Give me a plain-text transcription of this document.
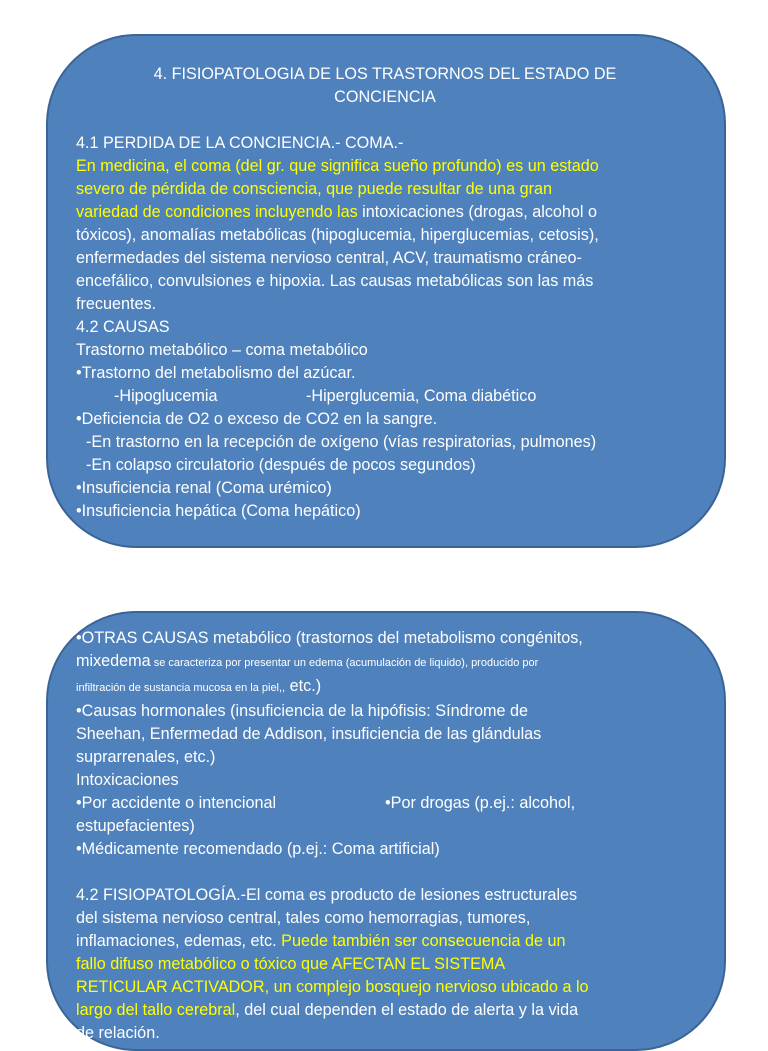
4. FISIOPATOLOGIA DE LOS TRASTORNOS DEL ESTADO DE
CONCIENCIA
4.1 PERDIDA DE LA CONCIENCIA.- COMA.-
En medicina, el coma (del gr. que significa sueño profundo) es un estado
severo de pérdida de consciencia, que puede resultar de una gran
variedad de condiciones incluyendo las intoxicaciones (drogas, alcohol o
tóxicos), anomalías metabólicas (hipoglucemia, hiperglucemias, cetosis),
enfermedades del sistema nervioso central, ACV, traumatismo cráneo-
encefálico, convulsiones e hipoxia. Las causas metabólicas son las más
frecuentes.
4.2 CAUSAS
Trastorno metabólico – coma metabólico
•Trastorno del metabolismo del azúcar.
-Hipoglucemia	-Hiperglucemia, Coma diabético
•Deficiencia de O2 o exceso de CO2 en la sangre.
-En trastorno en la recepción de oxígeno (vías respiratorias, pulmones)
-En colapso circulatorio (después de pocos segundos)
•Insuficiencia renal (Coma urémico)
•Insuficiencia hepática (Coma hepático)
•OTRAS CAUSAS metabólico (trastornos del metabolismo congénitos,
mixedema se caracteriza por presentar un edema (acumulación de liquido), producido por
infiltración de sustancia mucosa en la piel,, etc.)
•Causas hormonales (insuficiencia de la hipófisis: Síndrome de
Sheehan, Enfermedad de Addison, insuficiencia de las glándulas
suprarrenales, etc.)
Intoxicaciones
•Por accidente o intencional	•Por drogas (p.ej.: alcohol,
estupefacientes)
•Médicamente recomendado (p.ej.: Coma artificial)
4.2 FISIOPATOLOGÍA.-El coma es producto de lesiones estructurales
del sistema nervioso central, tales como hemorragias, tumores,
inflamaciones, edemas, etc. Puede también ser consecuencia de un
fallo difuso metabólico o tóxico que AFECTAN EL SISTEMA
RETICULAR ACTIVADOR, un complejo bosquejo nervioso ubicado a lo
largo del tallo cerebral, del cual dependen el estado de alerta y la vida
de relación.
